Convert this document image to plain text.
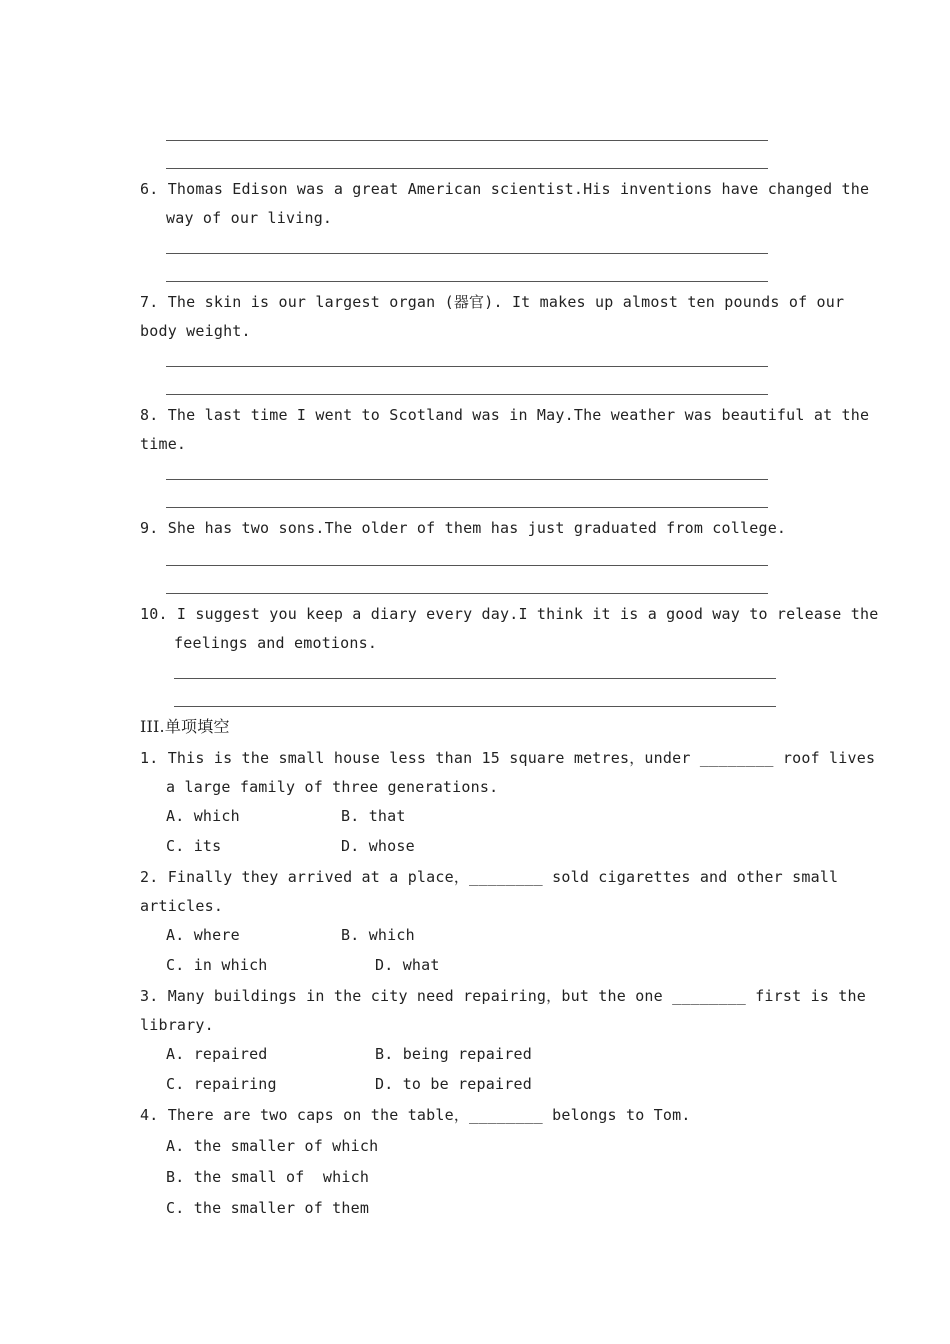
6. Thomas Edison was a great American scientist.His inventions have changed the
way of our living.
7. The skin is our largest organ (器官). It makes up almost ten pounds of our
body weight.
8. The last time I went to Scotland was in May.The weather was beautiful at the
time.
9. She has two sons.The older of them has just graduated from college.
10. I suggest you keep a diary every day.I think it is a good way to release the
feelings and emotions.
III.单项填空
1. This is the small house less than 15 square metres，under ________ roof lives
a large family of three generations.
A. which	B. that
C. its	D. whose
2. Finally they arrived at a place，________ sold cigarettes and other small
articles.
A. where	B. which
C. in which	D. what
3. Many buildings in the city need repairing，but the one ________ first is the
library.
A. repaired	B. being repaired
C. repairing	D. to be repaired
4. There are two caps on the table，________ belongs to Tom.
A. the smaller of which
B. the small of  which
C. the smaller of them
